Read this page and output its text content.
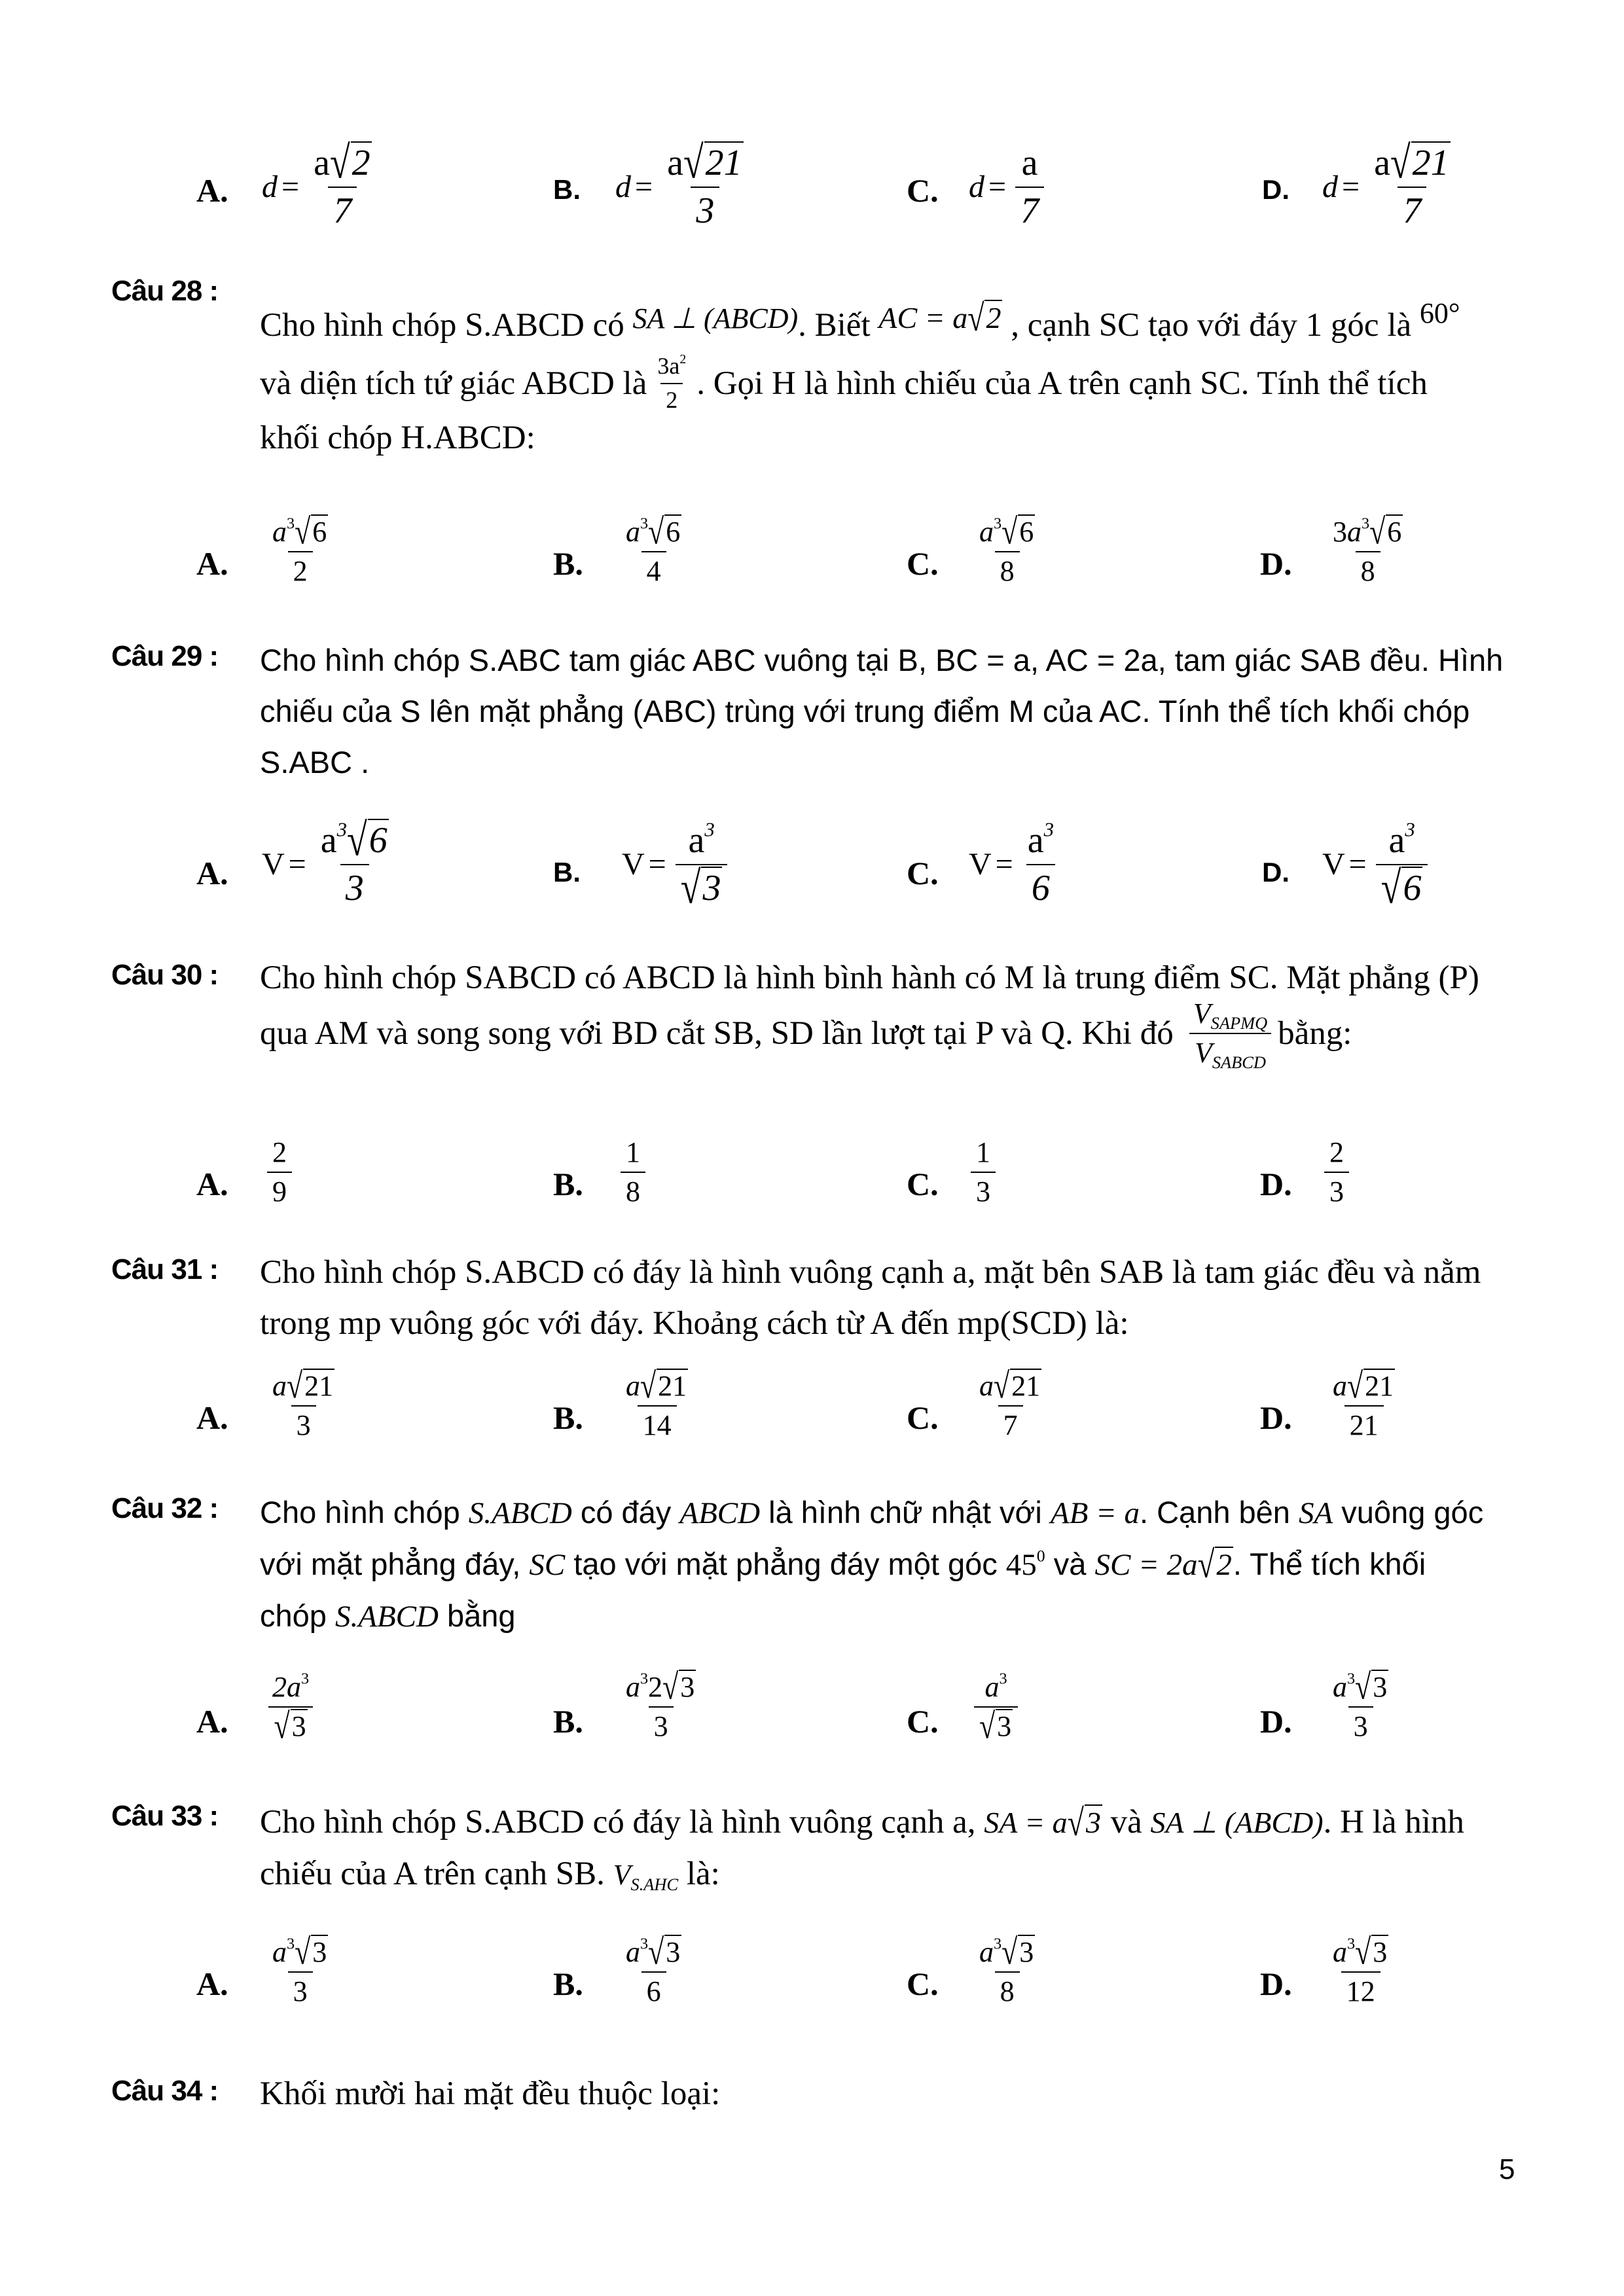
A. $d = \frac{a√2}{7}$	B. $d = \frac{a√21}{3}$	C. $d = \frac{a}{7}$	D. $d = \frac{a√21}{7}$
Câu 28 :
Cho hình chóp S.ABCD có SA ⊥ (ABCD). Biết AC = a√2 , cạnh SC tạo với đáy 1 góc là 60°
và diện tích tứ giác ABCD là $\frac{3a^2}{2}$ . Gọi H là hình chiếu của A trên cạnh SC. Tính thể tích
khối chóp H.ABCD:
A. $\frac{a^3√6}{2}$	B. $\frac{a^3√6}{4}$	C. $\frac{a^3√6}{8}$	D. $\frac{3a^3√6}{8}$
Câu 29 : Cho hình chóp S.ABC tam giác ABC vuông tại B, BC = a, AC = 2a, tam giác SAB đều. Hình
chiếu của S lên mặt phẳng (ABC) trùng với trung điểm M của AC. Tính thể tích khối chóp
S.ABC .
A. $V = \frac{a^3√6}{3}$	B. $V = \frac{a^3}{√3}$	C. $V = \frac{a^3}{6}$	D. $V = \frac{a^3}{√6}$
Câu 30 : Cho hình chóp SABCD có ABCD là hình bình hành có M là trung điểm SC. Mặt phẳng (P)
qua AM và song song với BD cắt SB, SD lần lượt tại P và Q. Khi đó $\frac{V_{SAPMQ}}{V_{SABCD}}$ bằng:
A. $\frac{2}{9}$	B. $\frac{1}{8}$	C. $\frac{1}{3}$	D. $\frac{2}{3}$
Câu 31 : Cho hình chóp S.ABCD có đáy là hình vuông cạnh a, mặt bên SAB là tam giác đều và nằm
trong mp vuông góc với đáy. Khoảng cách từ A đến mp(SCD) là:
A. $\frac{a√21}{3}$	B. $\frac{a√21}{14}$	C. $\frac{a√21}{7}$	D. $\frac{a√21}{21}$
Câu 32 : Cho hình chóp S.ABCD có đáy ABCD là hình chữ nhật với AB = a. Cạnh bên SA vuông góc
với mặt phẳng đáy, SC tạo với mặt phẳng đáy một góc $45^0$ và SC = 2a√2. Thể tích khối
chóp S.ABCD bằng
A. $\frac{2a^3}{√3}$	B. $\frac{a^32√3}{3}$	C. $\frac{a^3}{√3}$	D. $\frac{a^3√3}{3}$
Câu 33 : Cho hình chóp S.ABCD có đáy là hình vuông cạnh a, SA = a√3 và SA ⊥ (ABCD). H là hình
chiếu của A trên cạnh SB. $V_{S.AHC}$ là:
A. $\frac{a^3√3}{3}$	B. $\frac{a^3√3}{6}$	C. $\frac{a^3√3}{8}$	D. $\frac{a^3√3}{12}$
Câu 34 : Khối mười hai mặt đều thuộc loại:
5
